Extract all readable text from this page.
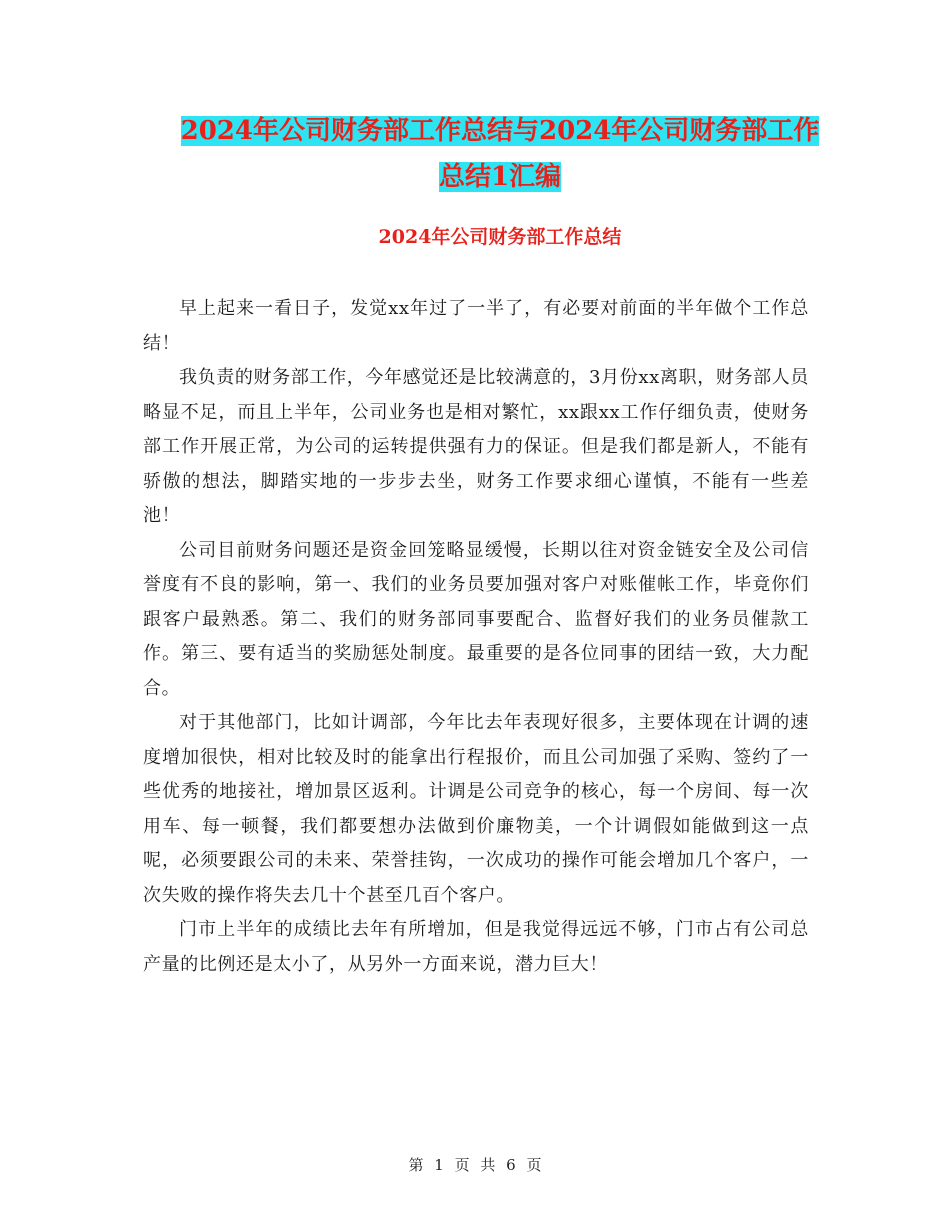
2024年公司财务部工作总结与2024年公司财务部工作
总结1汇编
2024年公司财务部工作总结

早上起来一看日子，发觉xx年过了一半了，有必要对前面的半年做个工作总结！

我负责的财务部工作，今年感觉还是比较满意的，3月份xx离职，财务部人员略显不足，而且上半年，公司业务也是相对繁忙，xx跟xx工作仔细负责，使财务部工作开展正常，为公司的运转提供强有力的保证。但是我们都是新人，不能有骄傲的想法，脚踏实地的一步步去坐，财务工作要求细心谨慎，不能有一些差池！

公司目前财务问题还是资金回笼略显缓慢，长期以往对资金链安全及公司信誉度有不良的影响，第一、我们的业务员要加强对客户对账催帐工作，毕竟你们跟客户最熟悉。第二、我们的财务部同事要配合、监督好我们的业务员催款工作。第三、要有适当的奖励惩处制度。最重要的是各位同事的团结一致，大力配合。

对于其他部门，比如计调部，今年比去年表现好很多，主要体现在计调的速度增加很快，相对比较及时的能拿出行程报价，而且公司加强了采购、签约了一些优秀的地接社，增加景区返利。计调是公司竞争的核心，每一个房间、每一次用车、每一顿餐，我们都要想办法做到价廉物美，一个计调假如能做到这一点呢，必须要跟公司的未来、荣誉挂钩，一次成功的操作可能会增加几个客户，一次失败的操作将失去几十个甚至几百个客户。

门市上半年的成绩比去年有所增加，但是我觉得远远不够，门市占有公司总产量的比例还是太小了，从另外一方面来说，潜力巨大！

第 1 页 共 6 页
